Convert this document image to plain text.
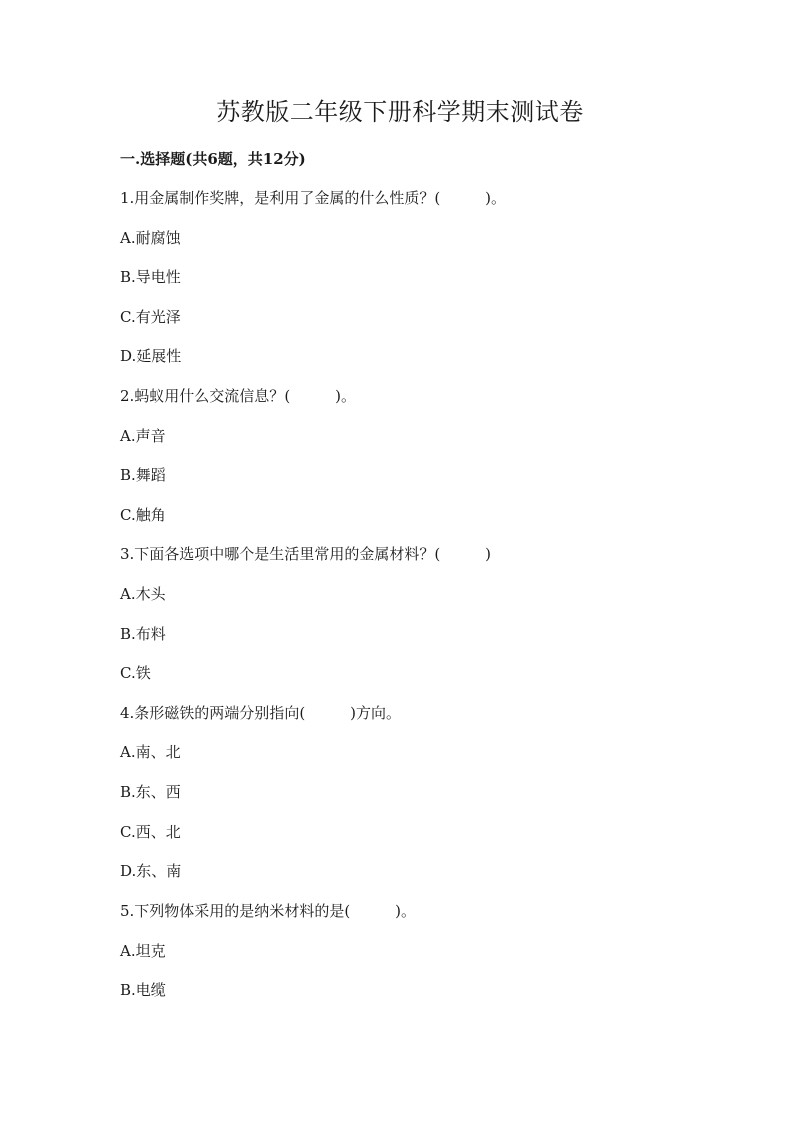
苏教版二年级下册科学期末测试卷
一.选择题(共6题，共12分)
1.用金属制作奖牌，是利用了金属的什么性质？(　　　)。
A.耐腐蚀
B.导电性
C.有光泽
D.延展性
2.蚂蚁用什么交流信息？(　　　)。
A.声音
B.舞蹈
C.触角
3.下面各选项中哪个是生活里常用的金属材料？(　　　)
A.木头
B.布料
C.铁
4.条形磁铁的两端分别指向(　　　)方向。
A.南、北
B.东、西
C.西、北
D.东、南
5.下列物体采用的是纳米材料的是(　　　)。
A.坦克
B.电缆
